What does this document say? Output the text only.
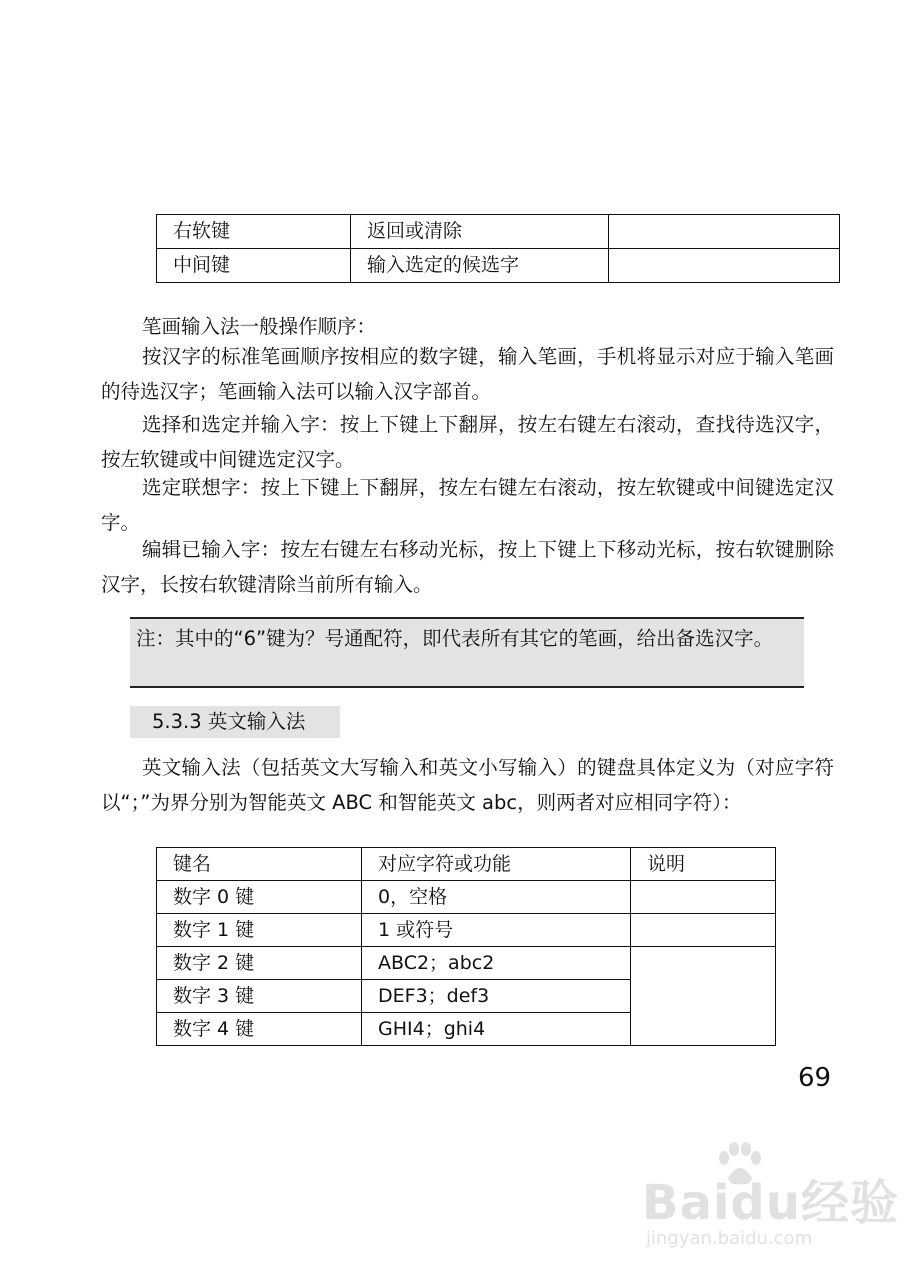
右软键	返回或清除	
中间键	输入选定的候选字	

笔画输入法一般操作顺序：

按汉字的标准笔画顺序按相应的数字键，输入笔画，手机将显示对应于输入笔画的待选汉字；笔画输入法可以输入汉字部首。

选择和选定并输入字：按上下键上下翻屏，按左右键左右滚动，查找待选汉字，按左软键或中间键选定汉字。

选定联想字：按上下键上下翻屏，按左右键左右滚动，按左软键或中间键选定汉字。

编辑已输入字：按左右键左右移动光标，按上下键上下移动光标，按右软键删除汉字，长按右软键清除当前所有输入。

注：其中的“6”键为？号通配符，即代表所有其它的笔画，给出备选汉字。

5.3.3 英文输入法

英文输入法（包括英文大写输入和英文小写输入）的键盘具体定义为（对应字符以“；”为界分别为智能英文 ABC 和智能英文 abc，则两者对应相同字符）：

键名	对应字符或功能	说明
数字 0 键	0，空格	
数字 1 键	1 或符号	
数字 2 键	ABC2；abc2	
数字 3 键	DEF3；def3	
数字 4 键	GHI4；ghi4	
69
Baidu经验
jingyan.baidu.com
